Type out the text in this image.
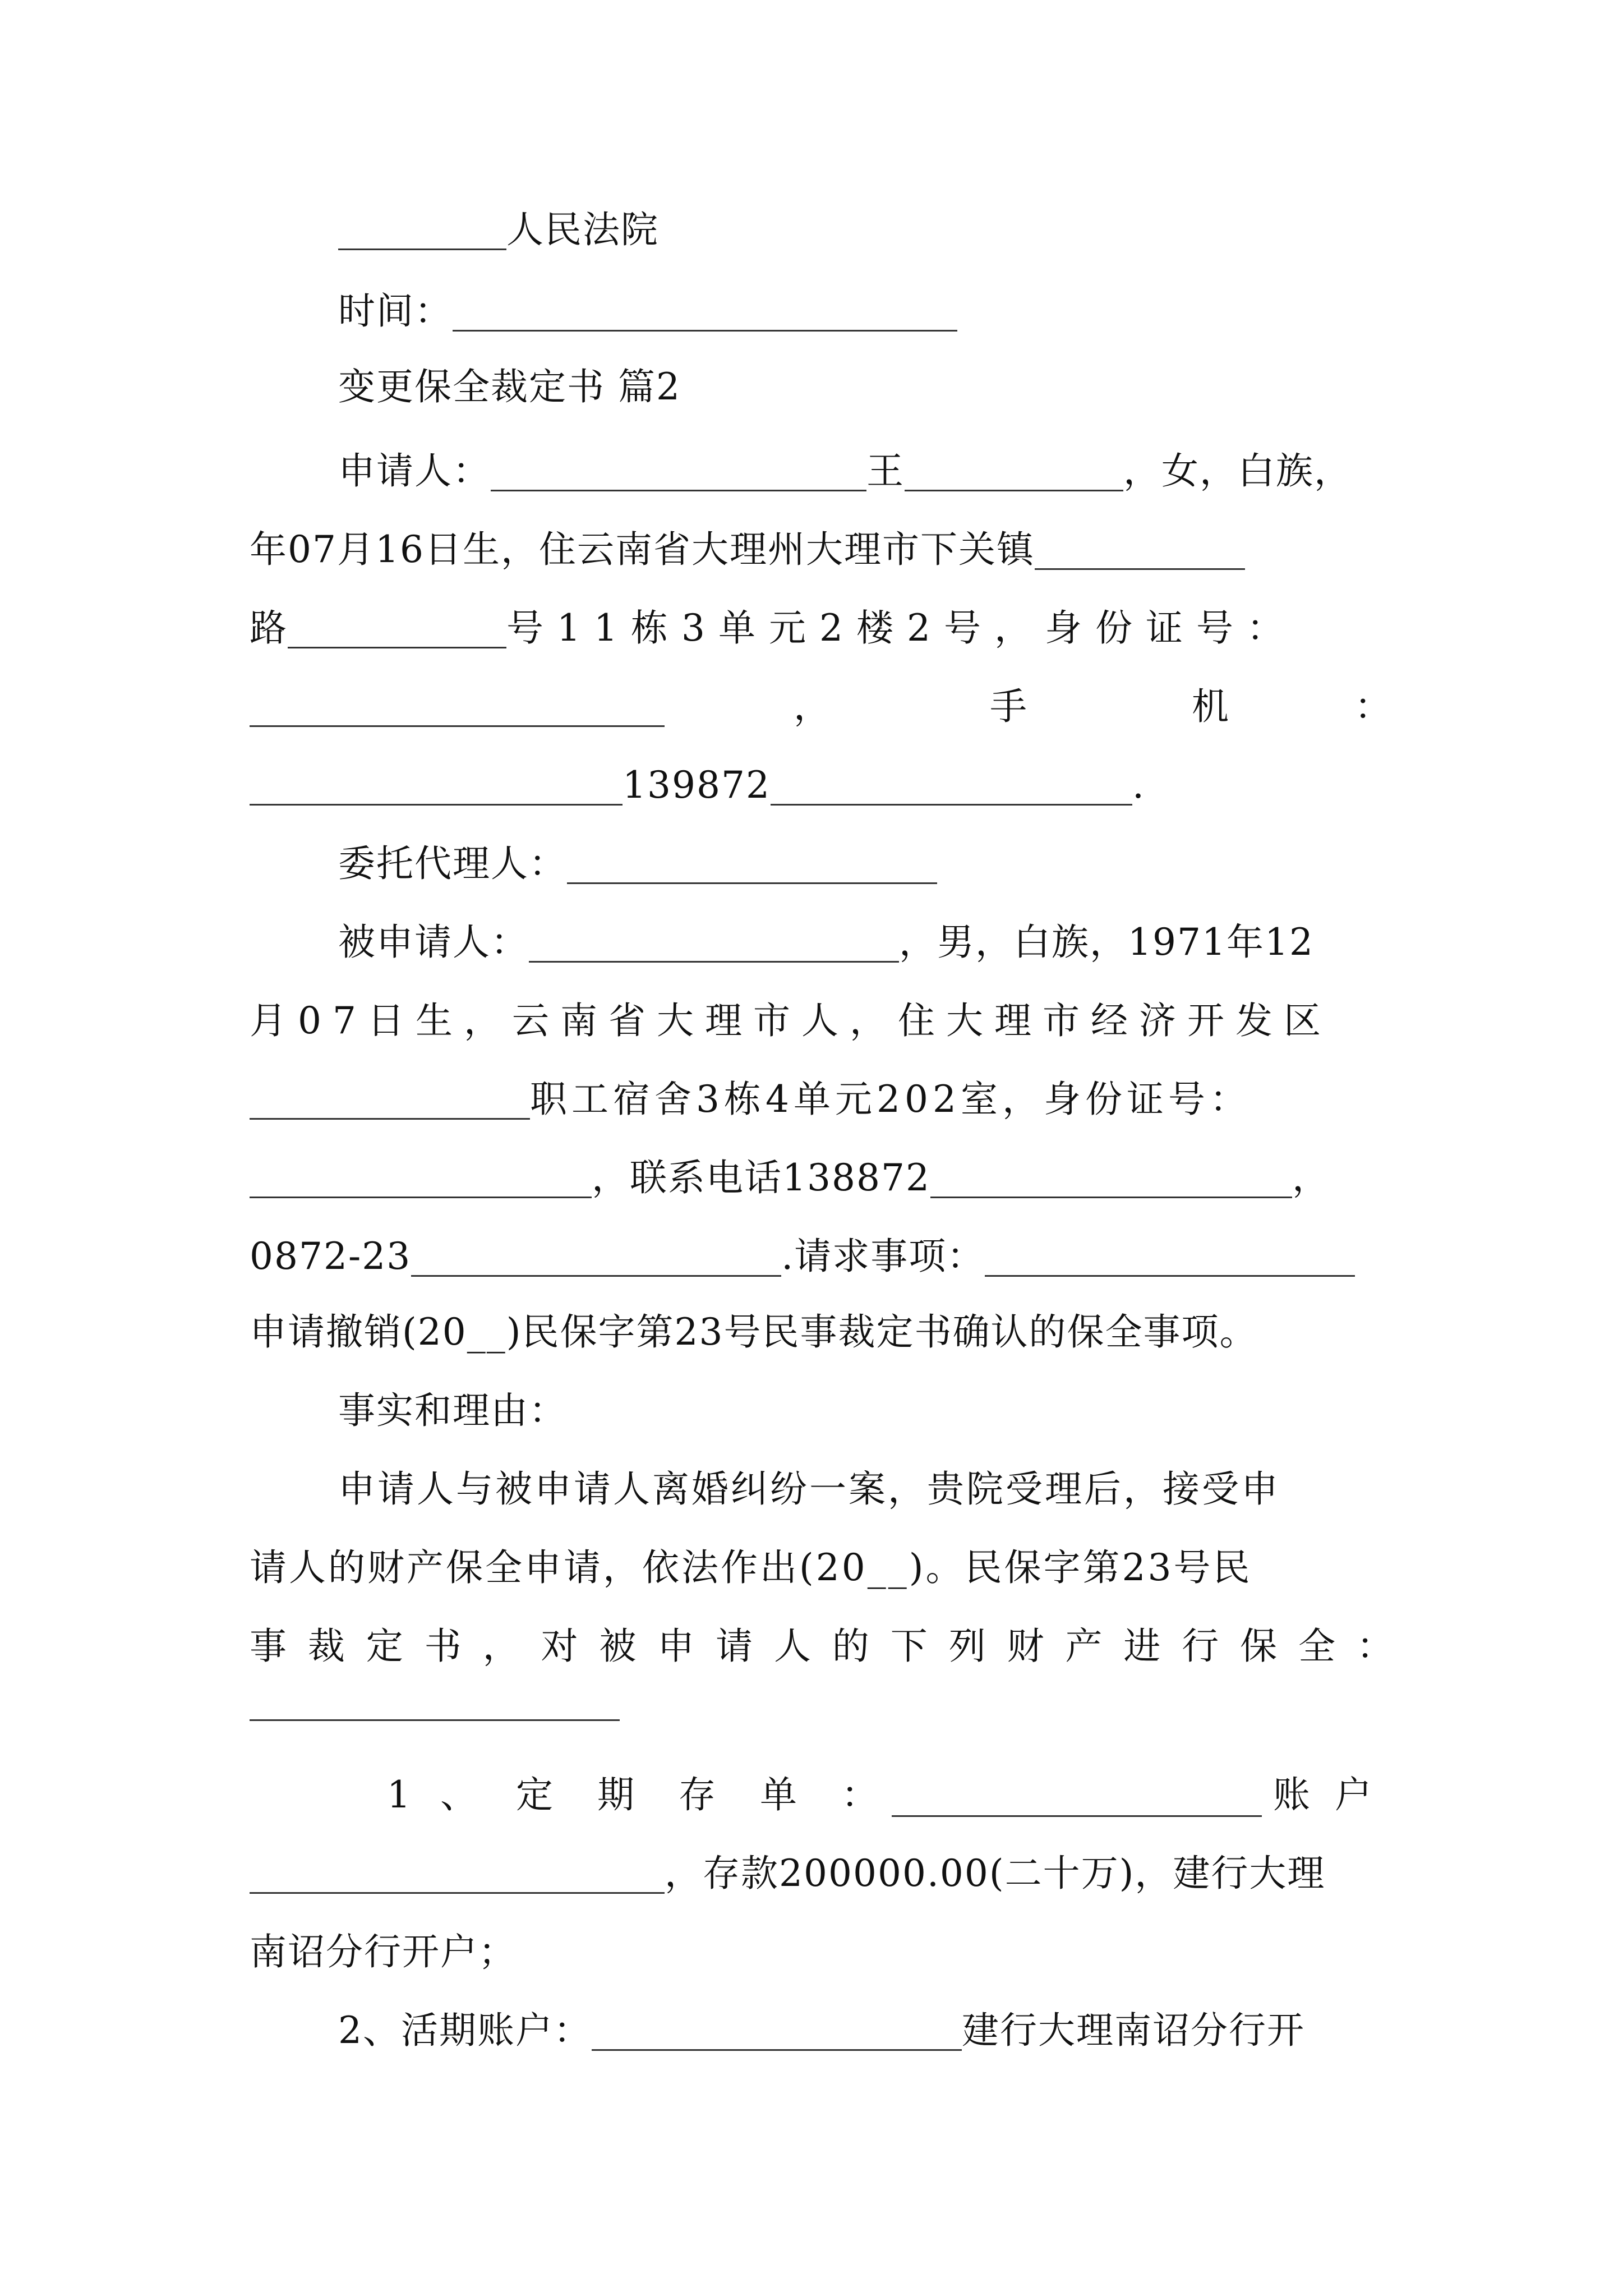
人民法院
时间：
变更保全裁定书 篇2
申请人：	王	，女，白族，
年07月16日生，住云南省大理州大理市下关镇
路	号11栋3单元2楼2号，身份证号：
，	手	机	：
139872	.
委托代理人：
被申请人：	，男，白族，1971年12
月07日生，云南省大理市人，住大理市经济开发区
职工宿舍3栋4单元202室，身份证号：
，联系电话138872	，
0872-23	.请求事项：
申请撤销(20__)民保字第23号民事裁定书确认的保全事项。
事实和理由：
申请人与被申请人离婚纠纷一案，贵院受理后，接受申
请人的财产保全申请，依法作出(20__)。民保字第23号民
事 裁 定 书 ， 对 被 申 请 人 的 下 列 财 产 进 行 保 全 ：
1 、 定 期 存 单 ：	账户
，存款200000.00(二十万)，建行大理
南诏分行开户；
2、活期账户：	建行大理南诏分行开
